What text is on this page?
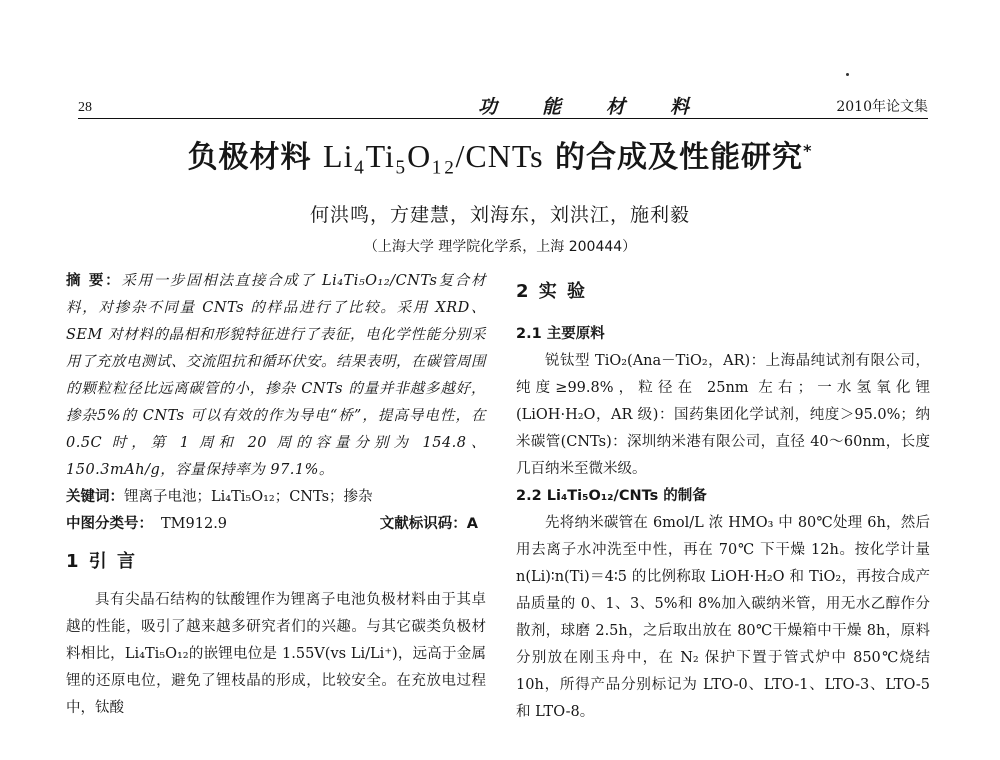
28	功能材料	2010年论文集
负极材料 Li₄Ti₅O₁₂/CNTs 的合成及性能研究*
何洪鸣，方建慧，刘海东，刘洪江，施利毅
（上海大学 理学院化学系，上海 200444）

摘 要：采用一步固相法直接合成了 Li₄Ti₅O₁₂/CNTs复合材料，对掺杂不同量 CNTs 的样品进行了比较。采用 XRD、SEM 对材料的晶相和形貌特征进行了表征，电化学性能分别采用了充放电测试、交流阻抗和循环伏安。结果表明，在碳管周围的颗粒粒径比远离碳管的小，掺杂 CNTs 的量并非越多越好，掺杂5%的 CNTs 可以有效的作为导电“桥”，提高导电性，在 0.5C 时，第 1 周和 20 周的容量分别为 154.8、150.3mAh/g，容量保持率为 97.1%。

关键词：锂离子电池；Li₄Ti₅O₁₂；CNTs；掺杂

中图分类号： TM912.9	文献标识码：A
1 引 言

具有尖晶石结构的钛酸锂作为锂离子电池负极材料由于其卓越的性能，吸引了越来越多研究者们的兴趣。与其它碳类负极材料相比，Li₄Ti₅O₁₂的嵌锂电位是 1.55V(vs Li/Li⁺)，远高于金属锂的还原电位，避免了锂枝晶的形成，比较安全。在充放电过程中，钛酸

2 实 验
2.1 主要原料

锐钛型 TiO₂(Ana－TiO₂，AR)：上海晶纯试剂有限公司，纯度≥99.8%，粒径在 25nm 左右；一水氢氧化锂(LiOH·H₂O，AR 级)：国药集团化学试剂，纯度＞95.0%；纳米碳管(CNTs)：深圳纳米港有限公司，直径 40～60nm，长度几百纳米至微米级。

2.2 Li₄Ti₅O₁₂/CNTs 的制备

先将纳米碳管在 6mol/L 浓 HMO₃ 中 80℃处理 6h，然后用去离子水冲洗至中性，再在 70℃ 下干燥 12h。按化学计量 n(Li)∶n(Ti)＝4∶5 的比例称取 LiOH·H₂O 和 TiO₂，再按合成产品质量的 0、1、3、5%和 8%加入碳纳米管，用无水乙醇作分散剂，球磨 2.5h，之后取出放在 80℃干燥箱中干燥 8h，原料分别放在刚玉舟中，在 N₂ 保护下置于管式炉中 850℃烧结 10h，所得产品分别标记为 LTO-0、LTO-1、LTO-3、LTO-5 和 LTO-8。
